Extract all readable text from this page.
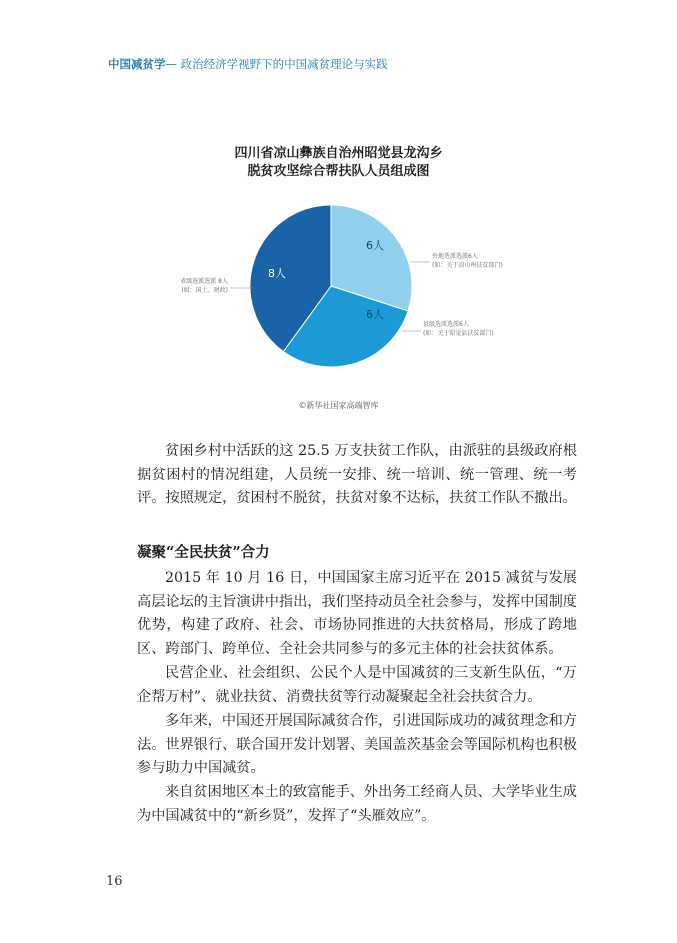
中国减贫学— 政治经济学视野下的中国减贫理论与实践
四川省凉山彝族自治州昭觉县龙沟乡
脱贫攻坚综合帮扶队人员组成图
6人
外地选派选派6人
(如：关于凉山州扶贫部门)
6人
县级选派选派6人
(如：关于昭觉县扶贫部门)
8人
省级选派选派 8人
(如：国土、财政)
©新华社国家高端智库
贫困乡村中活跃的这 25.5 万支扶贫工作队，由派驻的县级政府根据贫困村的情况组建，人员统一安排、统一培训、统一管理、统一考评。按照规定，贫困村不脱贫，扶贫对象不达标，扶贫工作队不撤出。
凝聚“全民扶贫”合力
2015 年 10 月 16 日，中国国家主席习近平在 2015 减贫与发展高层论坛的主旨演讲中指出，我们坚持动员全社会参与，发挥中国制度优势，构建了政府、社会、市场协同推进的大扶贫格局，形成了跨地区、跨部门、跨单位、全社会共同参与的多元主体的社会扶贫体系。
民营企业、社会组织、公民个人是中国减贫的三支新生队伍，“万企帮万村”、就业扶贫、消费扶贫等行动凝聚起全社会扶贫合力。
多年来，中国还开展国际减贫合作，引进国际成功的减贫理念和方法。世界银行、联合国开发计划署、美国盖茨基金会等国际机构也积极参与助力中国减贫。
来自贫困地区本土的致富能手、外出务工经商人员、大学毕业生成为中国减贫中的“新乡贤”，发挥了“头雁效应”。
16
